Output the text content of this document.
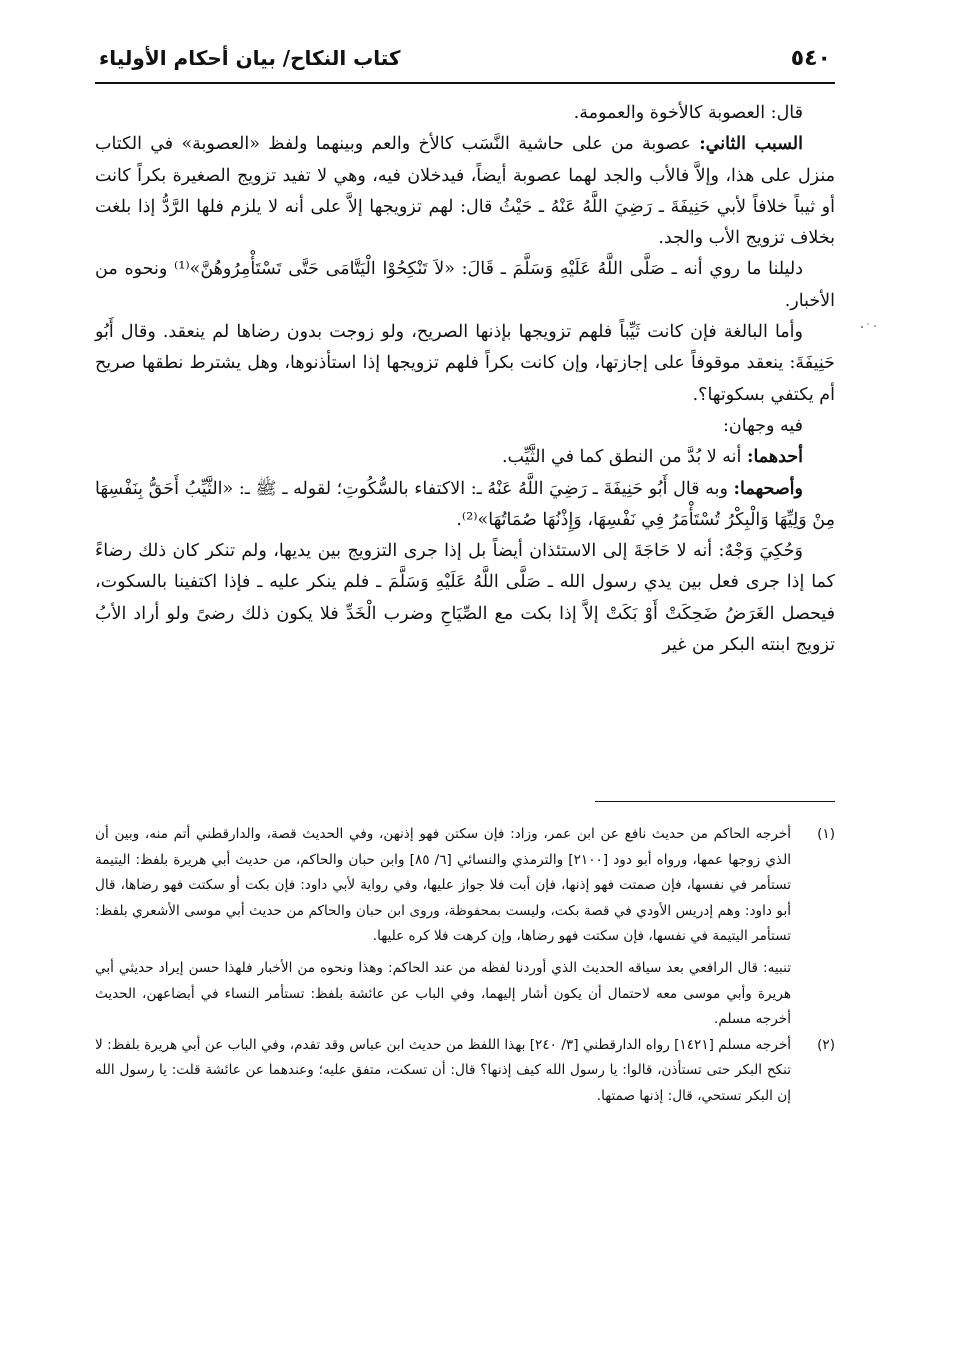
٥٤٠
كتاب النكاح/ بيان أحكام الأولياء

قال: العصوبة كالأخوة والعمومة.

السبب الثاني: عصوبة من على حاشية النَّسَب كالأخ والعم وبينهما ولفظ «العصوبة» في الكتاب منزل على هذا، وإلاَّ فالأب والجد لهما عصوبة أيضاً، فيدخلان فيه، وهي لا تفيد تزويج الصغيرة بكراً كانت أو ثيباً خلافاً لأبي حَنِيفَةَ ـ رَضِيَ اللَّهُ عَنْهُ ـ حَيْثُ قال: لهم تزويجها إلاَّ على أنه لا يلزم فلها الرَّدُّ إذا بلغت بخلاف تزويج الأب والجد.

دليلنا ما روي أنه ـ صَلَّى اللَّهُ عَلَيْهِ وَسَلَّمَ ـ قَالَ: «لاَ تَنْكِحُوْا الْيَتَّامَى حَتَّى تَسْتَأْمِرُوهُنَّ»⁽¹⁾ ونحوه من الأخبار.

وأما البالغة فإن كانت ثَيِّباً فلهم تزويجها بإذنها الصريح، ولو زوجت بدون رضاها لم ينعقد. وقال أَبُو حَنِيفَةَ: ينعقد موقوفاً على إجازتها، وإن كانت بكراً فلهم تزويجها إذا استأذنوها، وهل يشترط نطقها صريح أم يكتفي بسكوتها؟.

فيه وجهان:

أحدهما: أنه لا بُدَّ من النطق كما في الثَّيِّب.

وأصحهما: وبه قال أَبُو حَنِيفَةَ ـ رَضِيَ اللَّهُ عَنْهُ ـ: الاكتفاء بالسُّكُوتِ؛ لقوله ـ ﷺ ـ: «الثَّيِّبُ أَحَقُّ بِنَفْسِهَا مِنْ وَلِيِّهَا وَالْبِكْرُ تُسْتَأْمَرُ فِي نَفْسِهَا، وَإِذْنُهَا صُمَاتُهَا»⁽²⁾.

وَحُكِيَ وَجْهٌ: أنه لا حَاجَةَ إلى الاستئذان أيضاً بل إذا جرى التزويج بين يديها، ولم تنكر كان ذلك رضاءً كما إذا جرى فعل بين يدي رسول الله ـ صَلَّى اللَّهُ عَلَيْهِ وَسَلَّمَ ـ فلم ينكر عليه ـ فإذا اكتفينا بالسكوت، فيحصل الغَرَضُ ضَحِكَتْ أَوْ بَكَتْ إلاَّ إذا بكت مع الصِّيَاحِ وضرب الْخَدِّ فلا يكون ذلك رضىً ولو أراد الأبُ تزويج ابنته البكر من غير

(١)
أخرجه الحاكم من حديث نافع عن ابن عمر، وزاد: فإن سكتن فهو إذنهن، وفي الحديث قصة، والدارقطني أتم منه، وبين أن الذي زوجها عمها، ورواه أبو دود [٢١٠٠] والترمذي والنسائي [٦/ ٨٥] وابن حبان والحاكم، من حديث أبي هريرة بلفظ: اليتيمة تستأمر في نفسها، فإن صمتت فهو إذنها، فإن أبت فلا جواز عليها، وفي رواية لأبي داود: فإن بكت أو سكتت فهو رضاها، قال أبو داود: وهم إدريس الأودي في قصة بكت، وليست بمحفوظة، وروى ابن حبان والحاكم من حديث أبي موسى الأشعري بلفظ: تستأمر اليتيمة في نفسها، فإن سكتت فهو رضاها، وإن كرهت فلا كره عليها.
تنبيه: قال الرافعي بعد سياقه الحديث الذي أوردنا لفظه من عند الحاكم: وهذا ونحوه من الأخبار فلهذا حسن إيراد حديثي أبي هريرة وأبي موسى معه لاحتمال أن يكون أشار إليهما، وفي الباب عن عائشة بلفظ: تستأمر النساء في أبضاعهن، الحديث أخرجه مسلم.
(٢)
أخرجه مسلم [١٤٢١] رواه الدارقطني [٣/ ٢٤٠] بهذا اللفظ من حديث ابن عباس وقد تقدم، وفي الباب عن أبي هريرة بلفظ: لا تنكح البكر حتى تستأذن، قالوا: يا رسول الله كيف إذنها؟ قال: أن تسكت، متفق عليه؛ وعندهما عن عائشة قلت: يا رسول الله إن البكر تستحي، قال: إذنها صمتها.
